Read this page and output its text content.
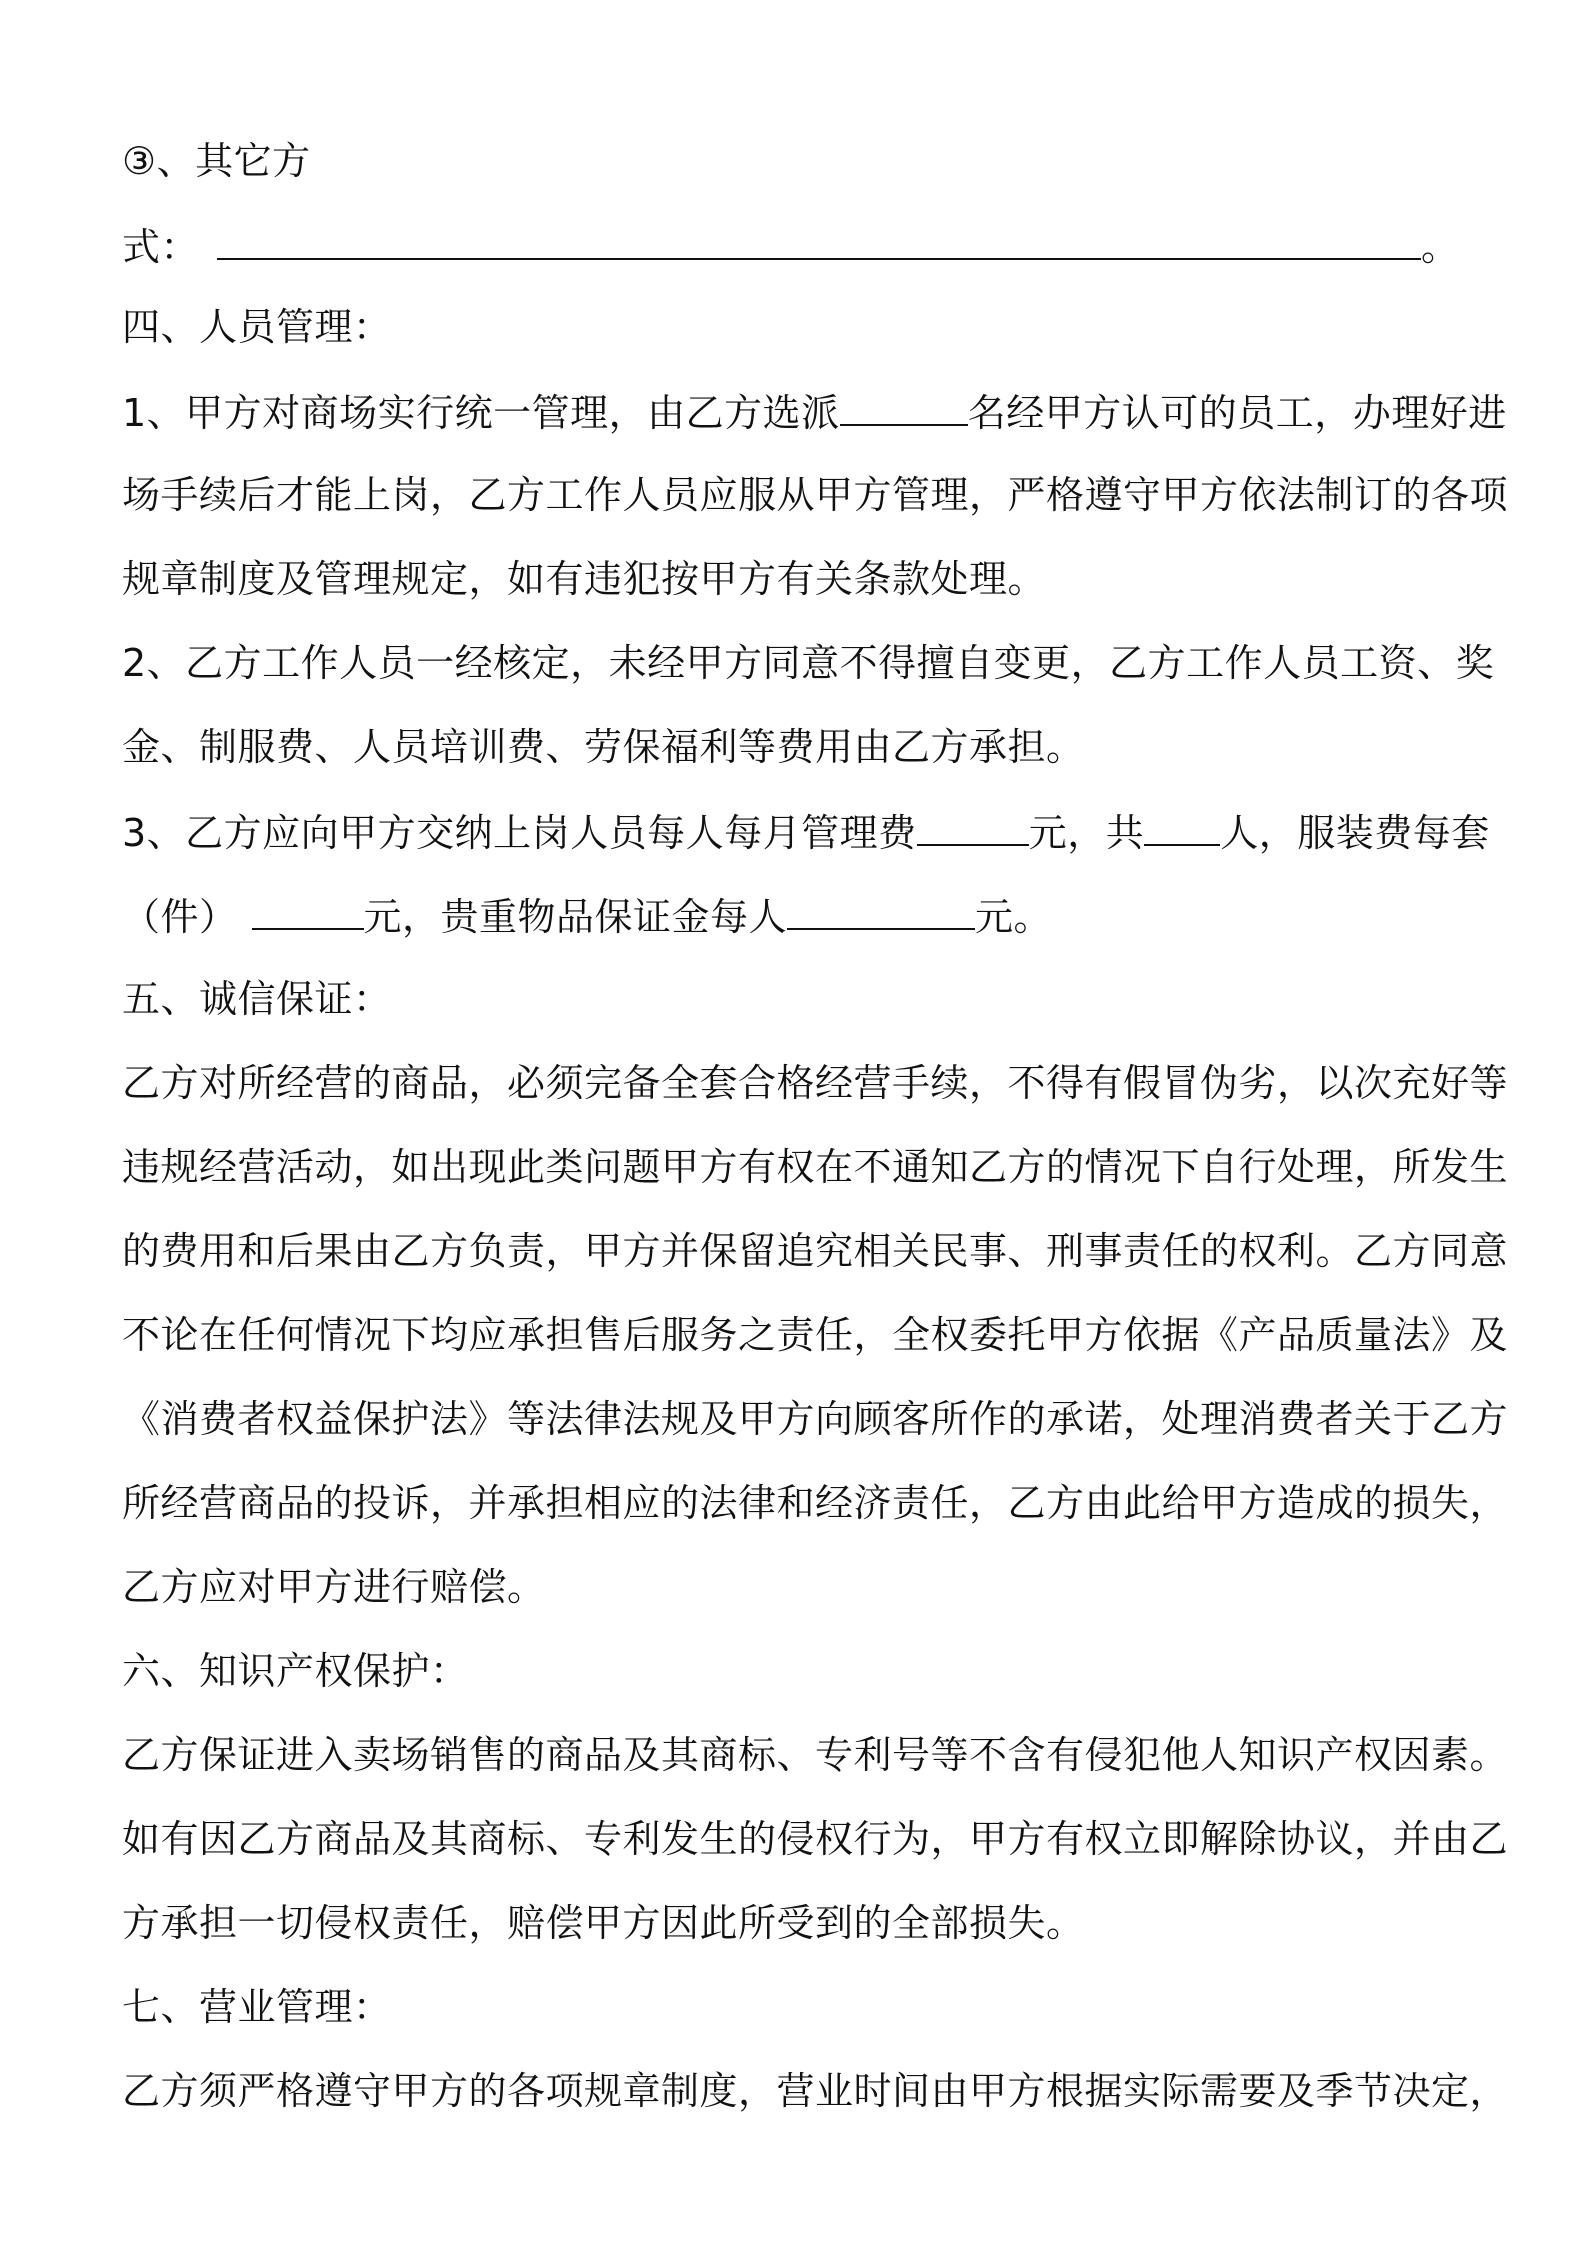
③、其它方
式：	。
四、人员管理：
1、甲方对商场实行统一管理，由乙方选派	名经甲方认可的员工，办理好进
场手续后才能上岗，乙方工作人员应服从甲方管理，严格遵守甲方依法制订的各项
规章制度及管理规定，如有违犯按甲方有关条款处理。
2、乙方工作人员一经核定，未经甲方同意不得擅自变更，乙方工作人员工资、奖
金、制服费、人员培训费、劳保福利等费用由乙方承担。
3、乙方应向甲方交纳上岗人员每人每月管理费	元，共 人，服装费每套
（件）	元，贵重物品保证金每人	元。
五、诚信保证：
乙方对所经营的商品，必须完备全套合格经营手续，不得有假冒伪劣，以次充好等
违规经营活动，如出现此类问题甲方有权在不通知乙方的情况下自行处理，所发生
的费用和后果由乙方负责，甲方并保留追究相关民事、刑事责任的权利。乙方同意
不论在任何情况下均应承担售后服务之责任，全权委托甲方依据《产品质量法》及
《消费者权益保护法》等法律法规及甲方向顾客所作的承诺，处理消费者关于乙方
所经营商品的投诉，并承担相应的法律和经济责任，乙方由此给甲方造成的损失，
乙方应对甲方进行赔偿。
六、知识产权保护：
乙方保证进入卖场销售的商品及其商标、专利号等不含有侵犯他人知识产权因素。
如有因乙方商品及其商标、专利发生的侵权行为，甲方有权立即解除协议，并由乙
方承担一切侵权责任，赔偿甲方因此所受到的全部损失。
七、营业管理：
乙方须严格遵守甲方的各项规章制度，营业时间由甲方根据实际需要及季节决定，
